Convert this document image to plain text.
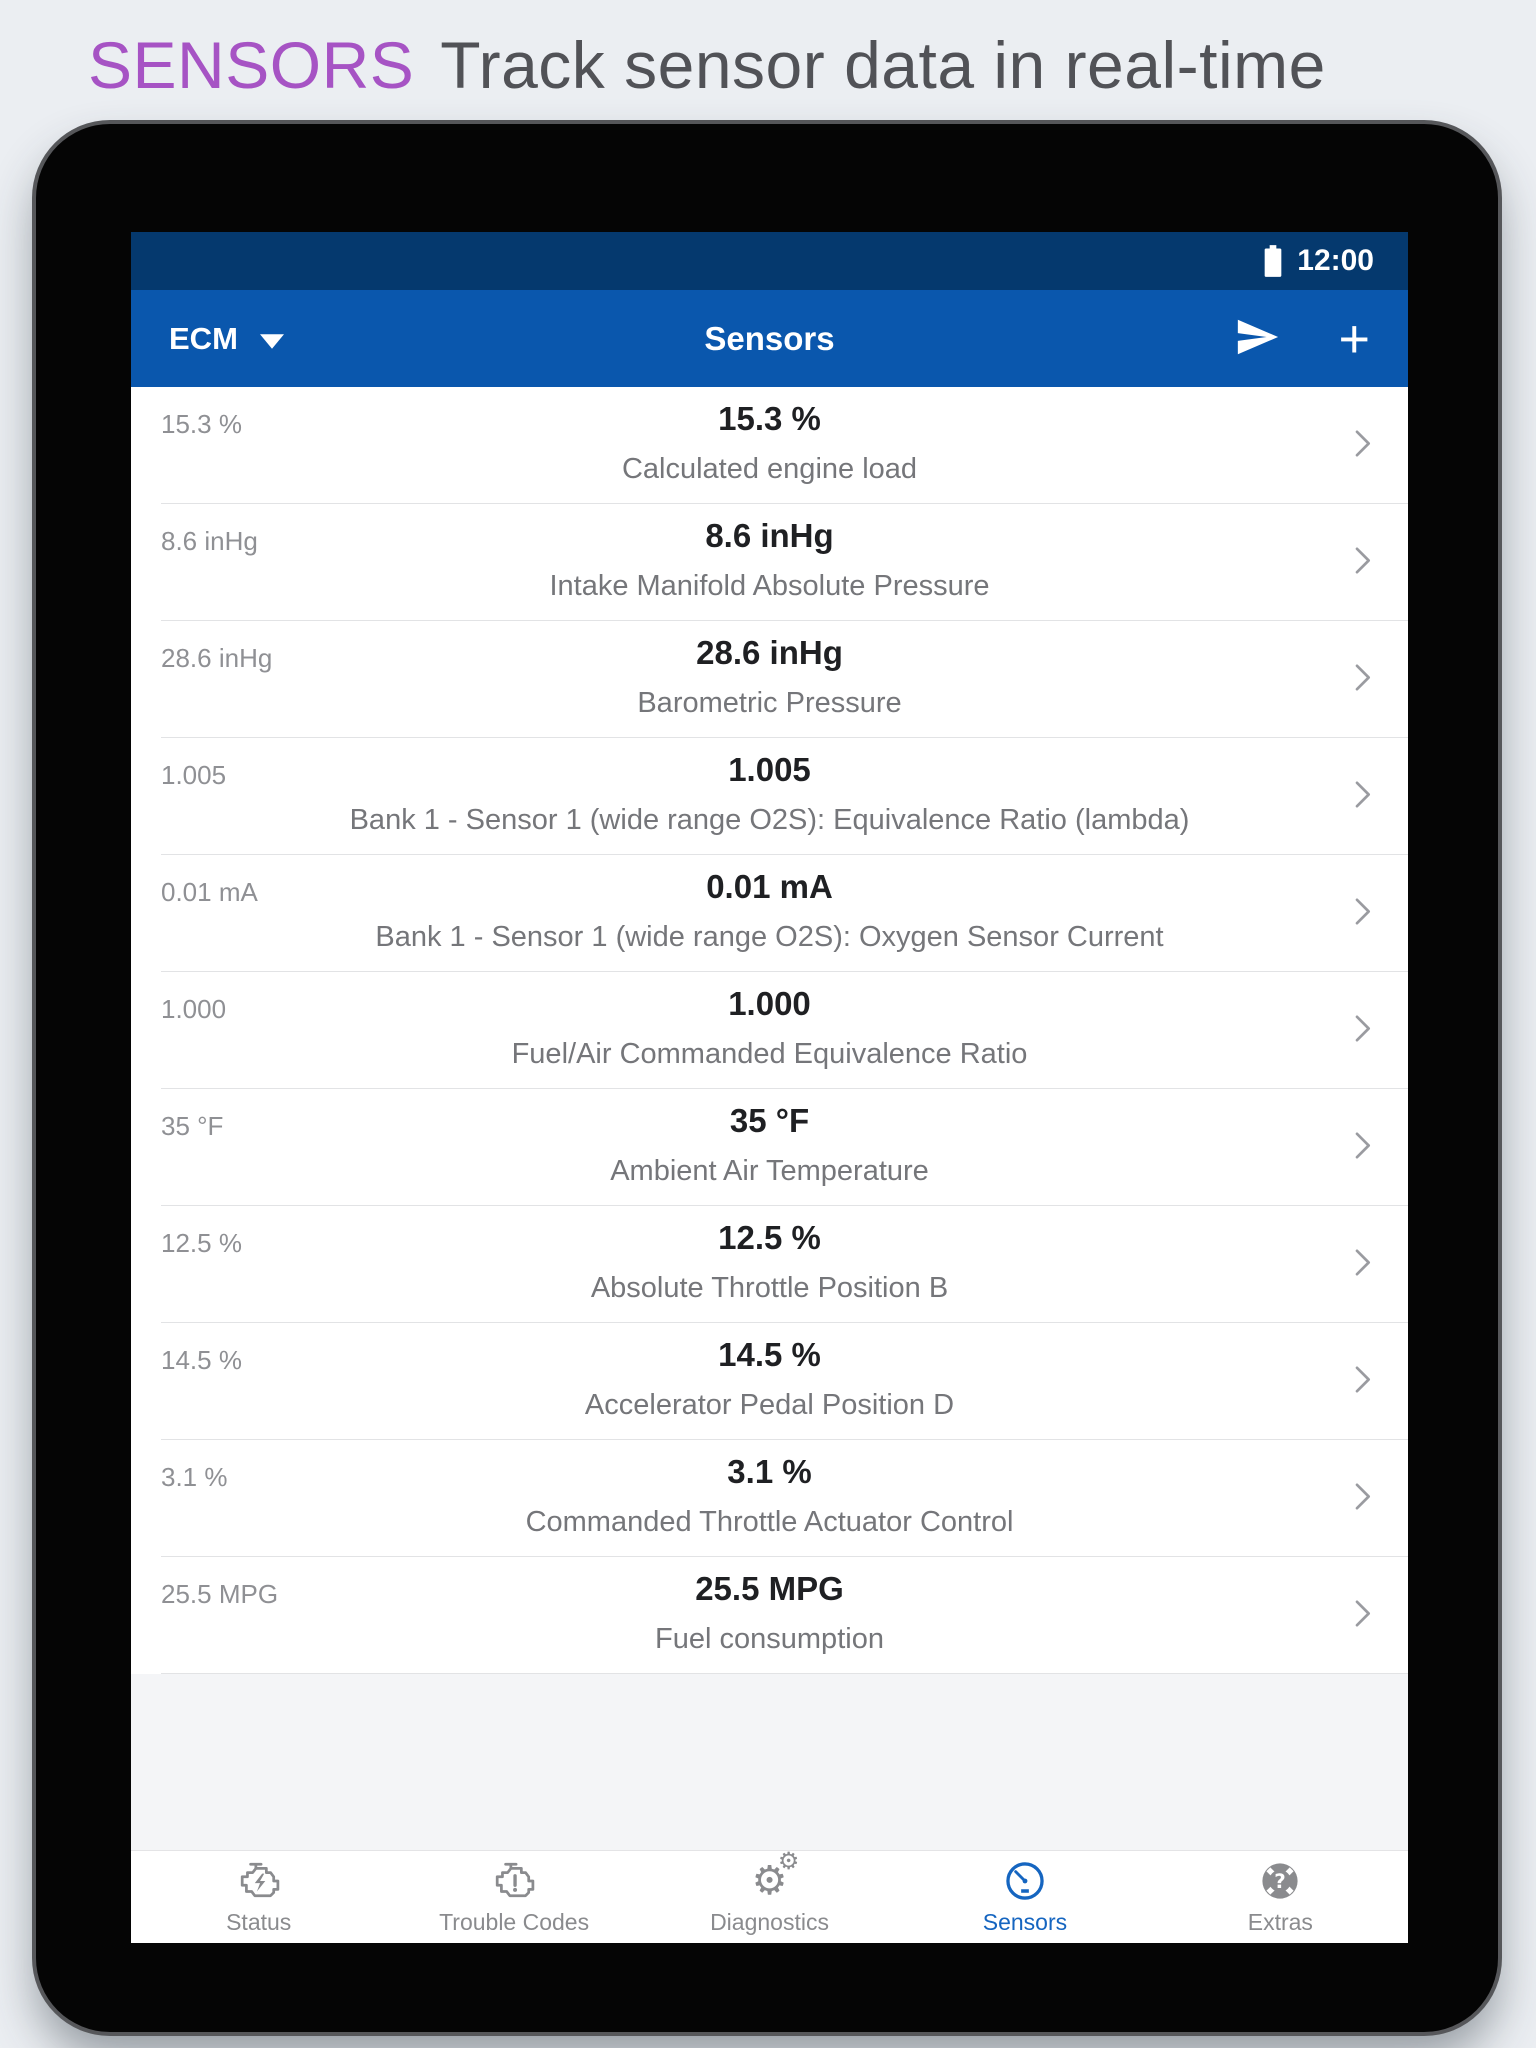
SENSORS Track sensor data in real-time
12:00
ECM	Sensors	+
15.3 %	15.3 %
Calculated engine load
8.6 inHg	8.6 inHg
Intake Manifold Absolute Pressure
28.6 inHg	28.6 inHg
Barometric Pressure
1.005	1.005
Bank 1 - Sensor 1 (wide range O2S): Equivalence Ratio (lambda)
0.01 mA	0.01 mA
Bank 1 - Sensor 1 (wide range O2S): Oxygen Sensor Current
1.000	1.000
Fuel/Air Commanded Equivalence Ratio
35 °F	35 °F
Ambient Air Temperature
12.5 %	12.5 %
Absolute Throttle Position B
14.5 %	14.5 %
Accelerator Pedal Position D
3.1 %	3.1 %
Commanded Throttle Actuator Control
25.5 MPG	25.5 MPG
Fuel consumption
Status	Trouble Codes
⚙
⚙
Diagnostics	Sensors
?
Extras
